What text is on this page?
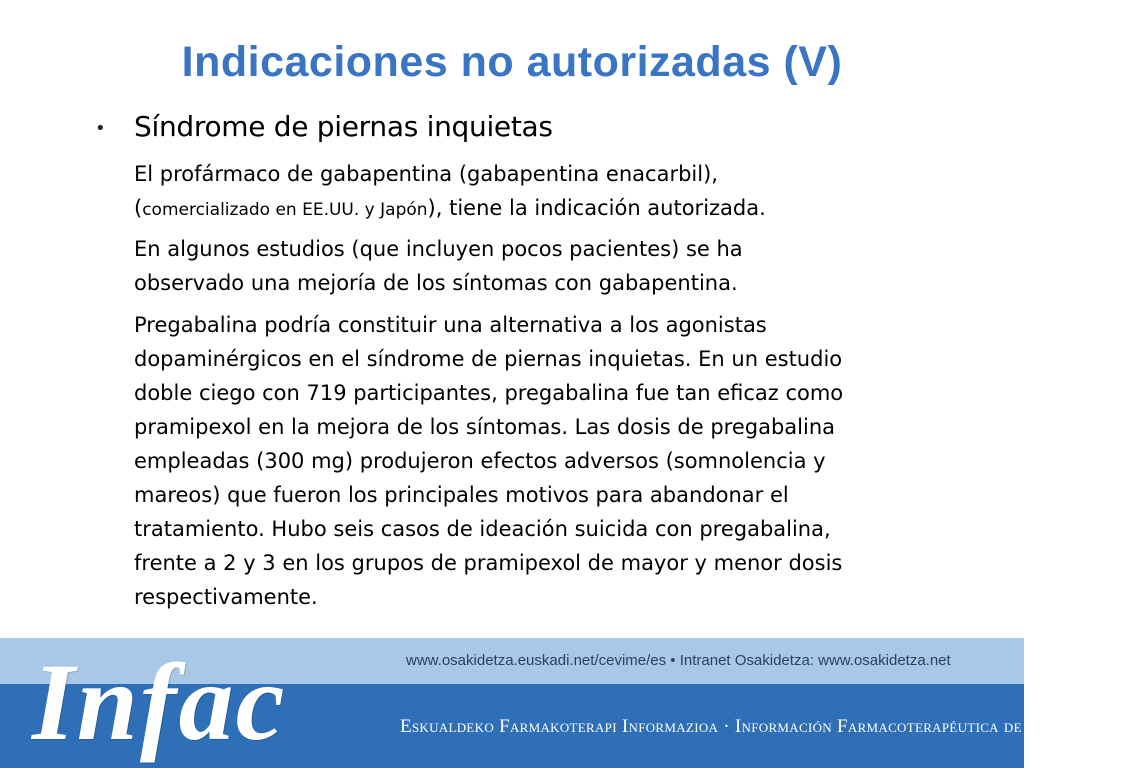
Indicaciones no autorizadas (V)
• Síndrome de piernas inquietas
El profármaco de gabapentina (gabapentina enacarbil),
(comercializado en EE.UU. y Japón), tiene la indicación autorizada.
En algunos estudios (que incluyen pocos pacientes) se ha
observado una mejoría de los síntomas con gabapentina.
Pregabalina podría constituir una alternativa a los agonistas
dopaminérgicos en el síndrome de piernas inquietas. En un estudio
doble ciego con 719 participantes, pregabalina fue tan eficaz como
pramipexol en la mejora de los síntomas. Las dosis de pregabalina
empleadas (300 mg) produjeron efectos adversos (somnolencia y
mareos) que fueron los principales motivos para abandonar el
tratamiento. Hubo seis casos de ideación suicida con pregabalina,
frente a 2 y 3 en los grupos de pramipexol de mayor y menor dosis
respectivamente.
www.osakidetza.euskadi.net/cevime/es • Intranet Osakidetza: www.osakidetza.net
Eskualdeko Farmakoterapi Informazioa · Información Farmacoterapéutica de la Comarca
Infac
